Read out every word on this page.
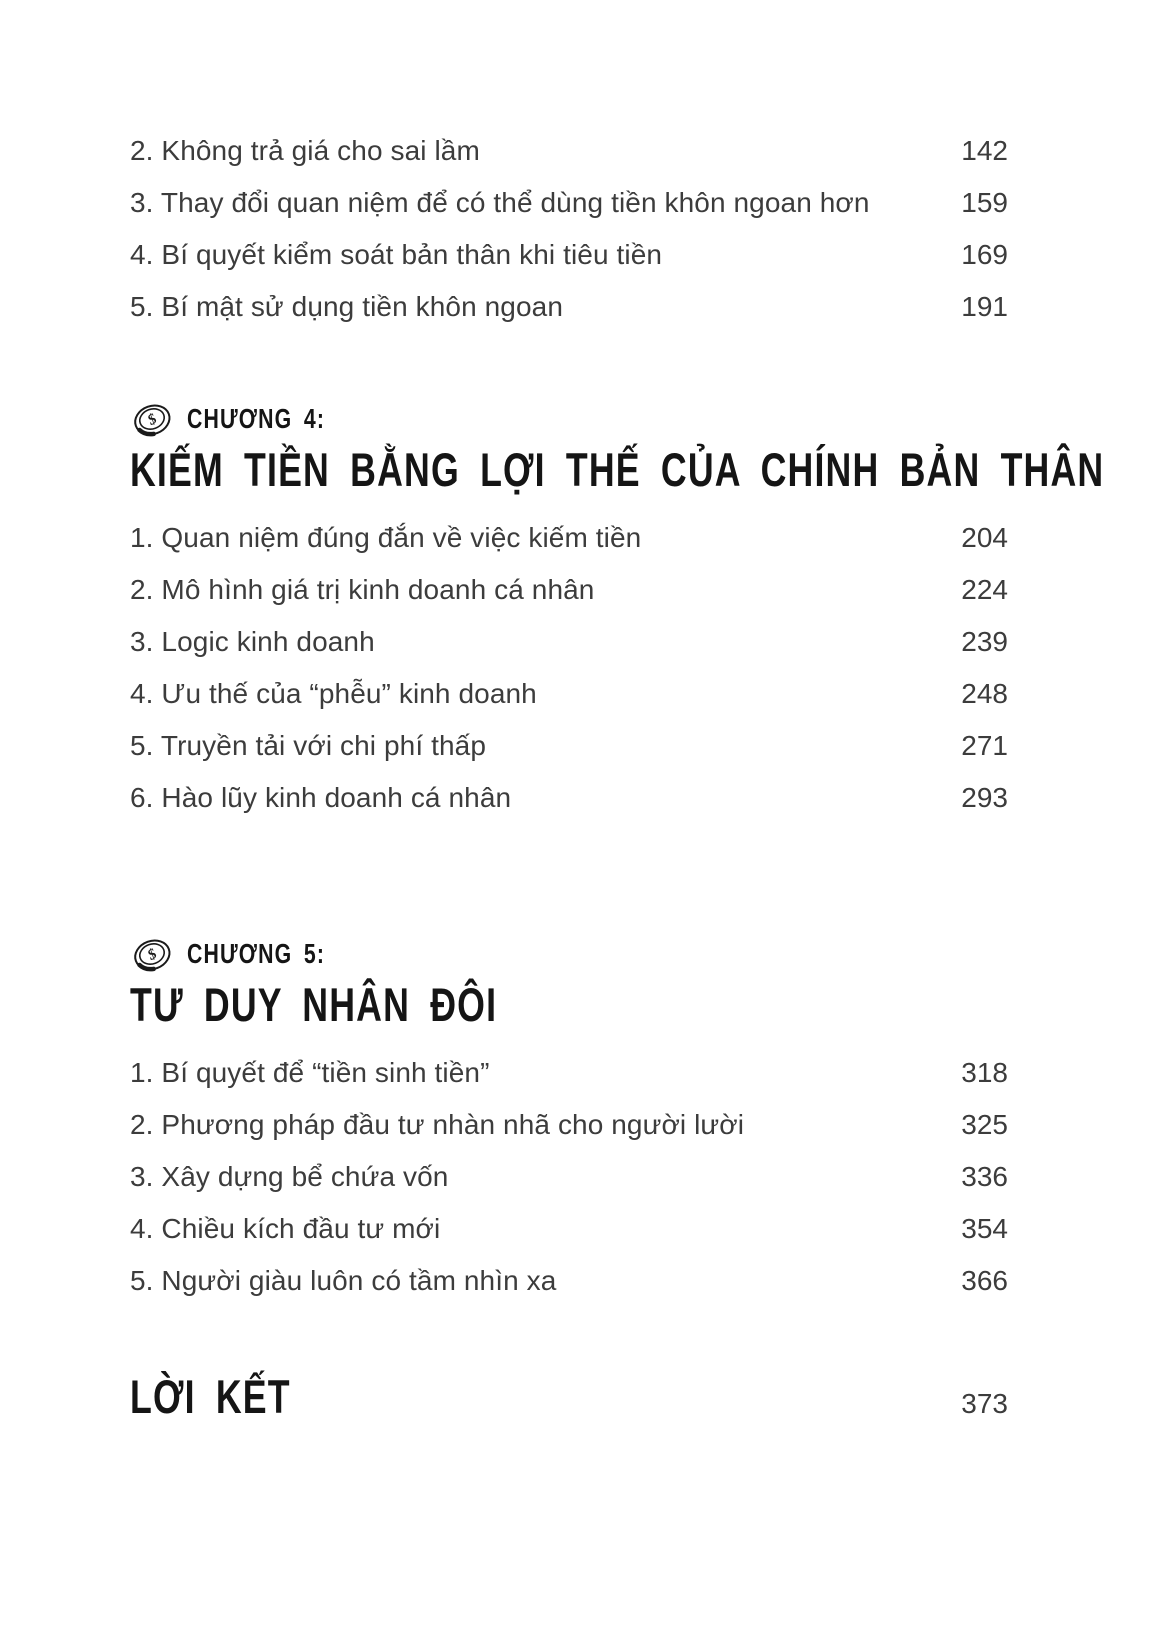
2. Không trả giá cho sai lầm	142
3. Thay đổi quan niệm để có thể dùng tiền khôn ngoan hơn	159
4. Bí quyết kiểm soát bản thân khi tiêu tiền	169
5. Bí mật sử dụng tiền khôn ngoan	191
$ CHƯƠNG 4:
KIẾM TIỀN BẰNG LỢI THẾ CỦA CHÍNH BẢN THÂN
1. Quan niệm đúng đắn về việc kiếm tiền	204
2. Mô hình giá trị kinh doanh cá nhân	224
3. Logic kinh doanh	239
4. Ưu thế của “phễu” kinh doanh	248
5. Truyền tải với chi phí thấp	271
6. Hào lũy kinh doanh cá nhân	293
$ CHƯƠNG 5:
TƯ DUY NHÂN ĐÔI
1. Bí quyết để “tiền sinh tiền”	318
2. Phương pháp đầu tư nhàn nhã cho người lười	325
3. Xây dựng bể chứa vốn	336
4. Chiều kích đầu tư mới	354
5. Người giàu luôn có tầm nhìn xa	366
LỜI KẾT	373
